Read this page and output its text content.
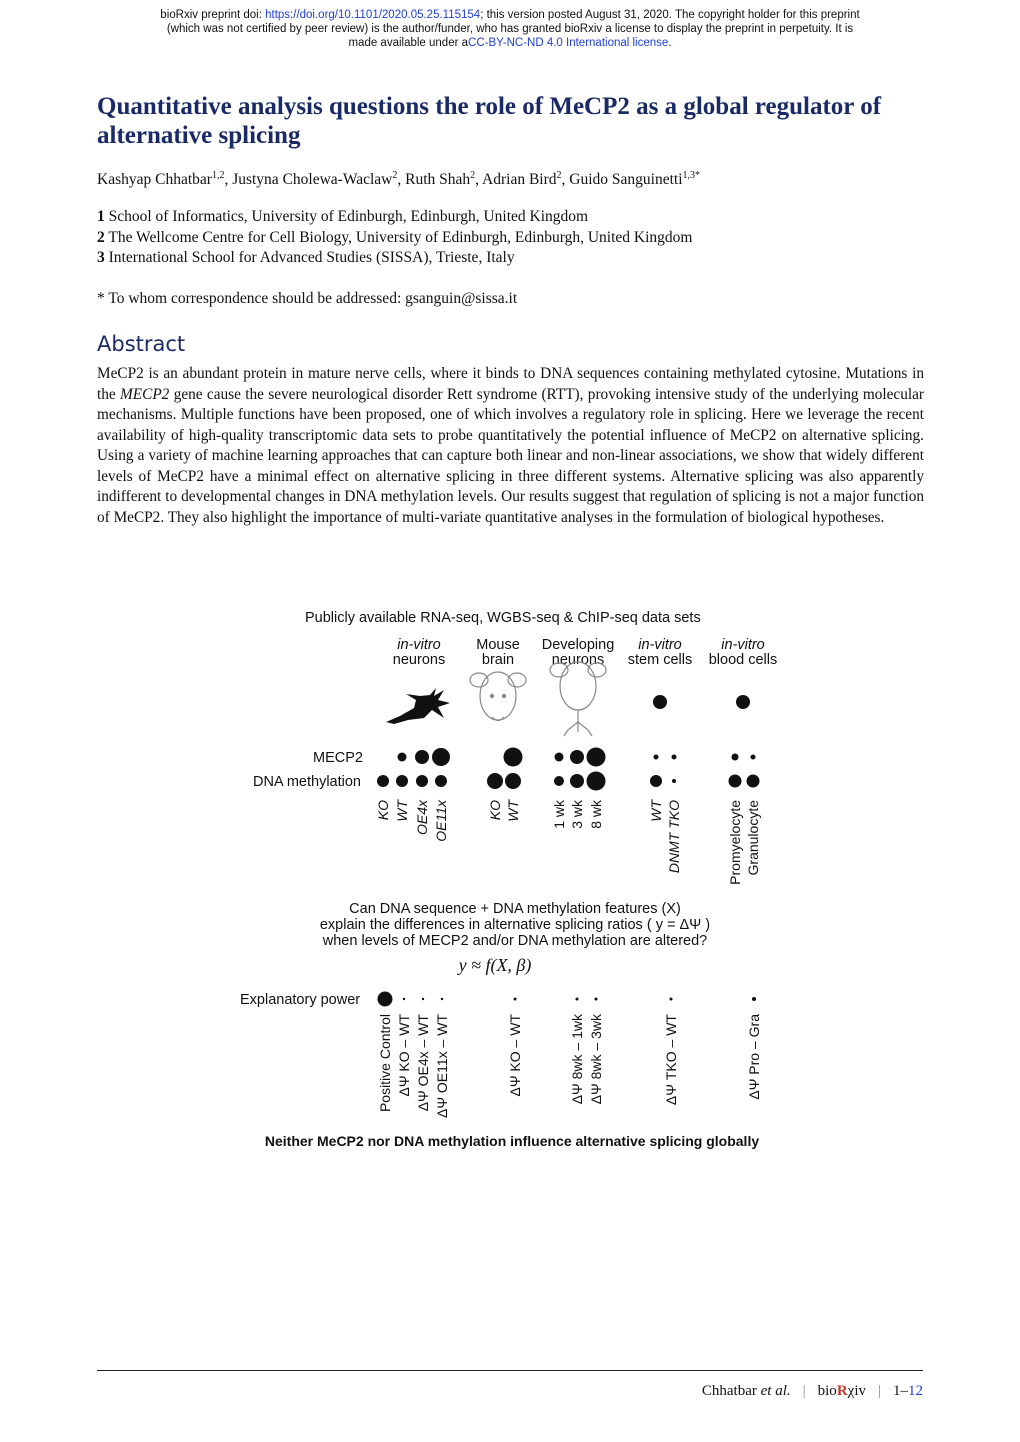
bioRxiv preprint doi: https://doi.org/10.1101/2020.05.25.115154; this version posted August 31, 2020. The copyright holder for this preprint
(which was not certified by peer review) is the author/funder, who has granted bioRxiv a license to display the preprint in perpetuity. It is
made available under aCC-BY-NC-ND 4.0 International license.
Quantitative analysis questions the role of MeCP2 as a global regulator of alternative splicing
Kashyap Chhatbar$^{1,2}$, Justyna Cholewa-Waclaw$^2$, Ruth Shah$^2$, Adrian Bird$^2$, Guido Sanguinetti$^{1,3*}$
1 School of Informatics, University of Edinburgh, Edinburgh, United Kingdom
2 The Wellcome Centre for Cell Biology, University of Edinburgh, Edinburgh, United Kingdom
3 International School for Advanced Studies (SISSA), Trieste, Italy
* To whom correspondence should be addressed: gsanguin@sissa.it
Abstract
MeCP2 is an abundant protein in mature nerve cells, where it binds to DNA sequences containing methylated cytosine. Mutations in the MECP2 gene cause the severe neurological disorder Rett syndrome (RTT), provoking intensive study of the underlying molecular mechanisms. Multiple functions have been proposed, one of which involves a regulatory role in splicing. Here we leverage the recent availability of high-quality transcriptomic data sets to probe quantitatively the potential influence of MeCP2 on alternative splicing. Using a variety of machine learning approaches that can capture both linear and non-linear associations, we show that widely different levels of MeCP2 have a minimal effect on alternative splicing in three different systems. Alternative splicing was also apparently indifferent to developmental changes in DNA methylation levels. Our results suggest that regulation of splicing is not a major function of MeCP2. They also highlight the importance of multi-variate quantitative analyses in the formulation of biological hypotheses.
Publicly available RNA-seq, WGBS-seq & ChIP-seq data sets
in-vitro
neurons
Mouse
brain
Developing
neurons
in-vitro
stem cells
in-vitro
blood cells
MECP2
DNA methylation
KO WT OE4x OE11x	KO WT 1 wk 3 wk 8 wk	WT DNMT TKO	Promyelocyte Granulocyte
Can DNA sequence + DNA methylation features (X)
explain the differences in alternative splicing ratios ( y = ΔΨ )
when levels of MECP2 and/or DNA methylation are altered?
y ≈ f(X, β)
Explanatory power
Positive Control ΔΨ KO – WT ΔΨ OE4x – WT ΔΨ OE11x – WT	ΔΨ KO – WT	ΔΨ 8wk – 1wk ΔΨ 8wk – 3wk	ΔΨ TKO – WT	ΔΨ Pro – Gra
Neither MeCP2 nor DNA methylation influence alternative splicing globally
Chhatbar et al. | bioRχiv | 1–12
